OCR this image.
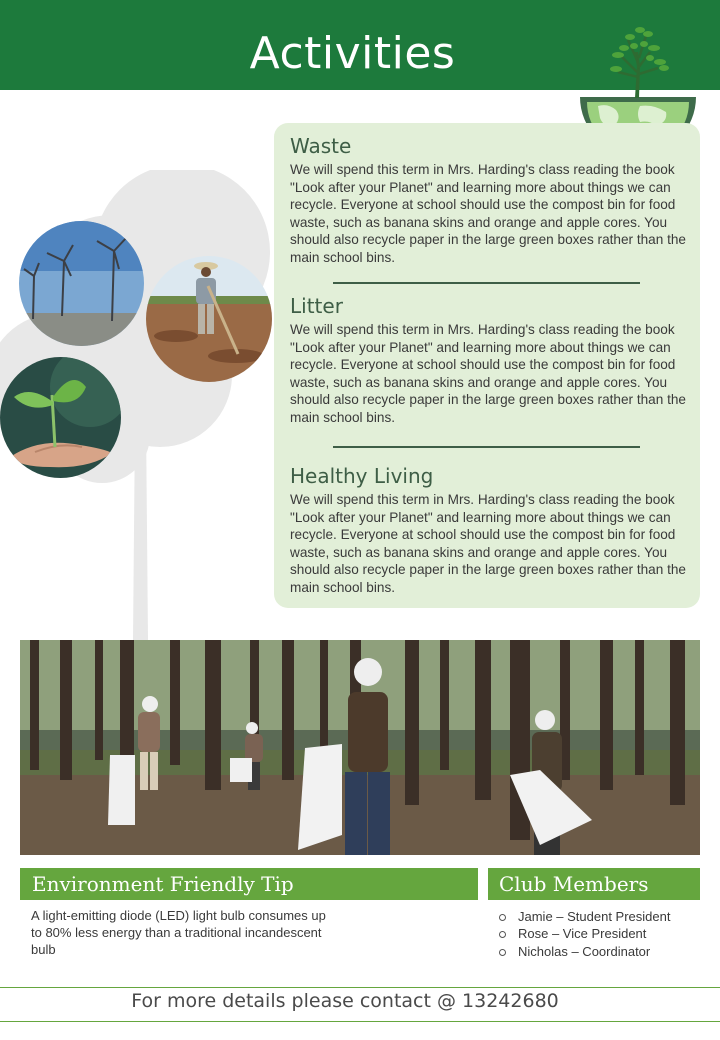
Activities
Waste
We will spend this term in Mrs. Harding's class reading the book "Look after your Planet" and learning more about things we can recycle. Everyone at school should use the compost bin for food waste, such as banana skins and orange and apple cores. You should also recycle paper in the large green boxes rather than the main school bins.
Litter
We will spend this term in Mrs. Harding's class reading the book "Look after your Planet" and learning more about things we can recycle. Everyone at school should use the compost bin for food waste, such as banana skins and orange and apple cores. You should also recycle paper in the large green boxes rather than the main school bins.
Healthy Living
We will spend this term in Mrs. Harding's class reading the book "Look after your Planet" and learning more about things we can recycle. Everyone at school should use the compost bin for food waste, such as banana skins and orange and apple cores. You should also recycle paper in the large green boxes rather than the main school bins.
Environment Friendly Tip	Club Members
A light-emitting diode (LED) light bulb consumes up to 80% less energy than a traditional incandescent bulb
Jamie – Student President
Rose – Vice President
Nicholas – Coordinator
For more details please contact @ 13242680
